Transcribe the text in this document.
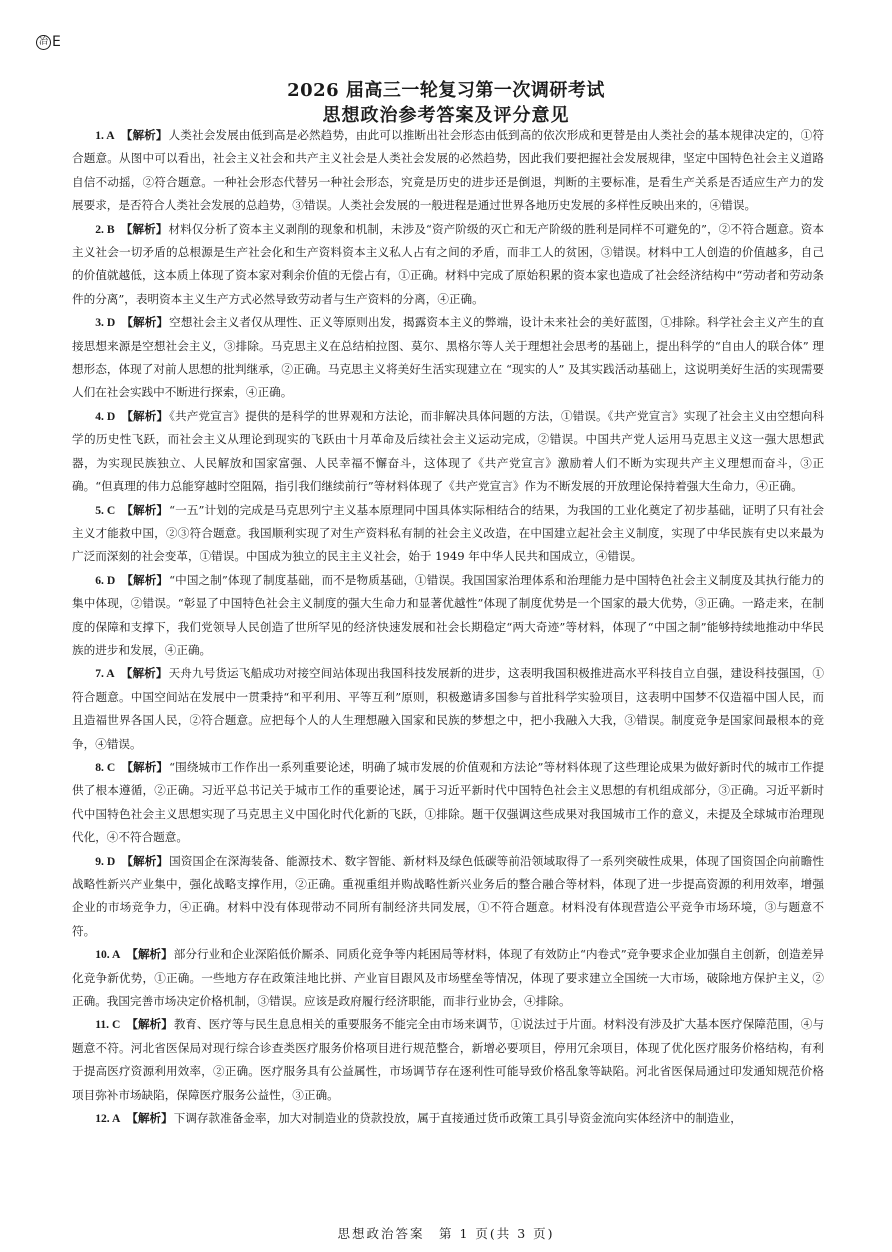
冶 E
2026 届高三一轮复习第一次调研考试
思想政治参考答案及评分意见

1. A 【解析】人类社会发展由低到高是必然趋势，由此可以推断出社会形态由低到高的依次形成和更替是由人类社会的基本规律决定的，①符合题意。从图中可以看出，社会主义社会和共产主义社会是人类社会发展的必然趋势，因此我们要把握社会发展规律，坚定中国特色社会主义道路自信不动摇，②符合题意。一种社会形态代替另一种社会形态，究竟是历史的进步还是倒退，判断的主要标准，是看生产关系是否适应生产力的发展要求，是否符合人类社会发展的总趋势，③错误。人类社会发展的一般进程是通过世界各地历史发展的多样性反映出来的，④错误。

2. B 【解析】材料仅分析了资本主义剥削的现象和机制，未涉及“资产阶级的灭亡和无产阶级的胜利是同样不可避免的”，②不符合题意。资本主义社会一切矛盾的总根源是生产社会化和生产资料资本主义私人占有之间的矛盾，而非工人的贫困，③错误。材料中工人创造的价值越多，自己的价值就越低，这本质上体现了资本家对剩余价值的无偿占有，①正确。材料中完成了原始积累的资本家也造成了社会经济结构中“劳动者和劳动条件的分离”，表明资本主义生产方式必然导致劳动者与生产资料的分离，④正确。

3. D 【解析】空想社会主义者仅从理性、正义等原则出发，揭露资本主义的弊端，设计未来社会的美好蓝图，①排除。科学社会主义产生的直接思想来源是空想社会主义，③排除。马克思主义在总结柏拉图、莫尔、黑格尔等人关于理想社会思考的基础上，提出科学的“自由人的联合体” 理想形态，体现了对前人思想的批判继承，②正确。马克思主义将美好生活实现建立在 “现实的人” 及其实践活动基础上，这说明美好生活的实现需要人们在社会实践中不断进行探索，④正确。

4. D 【解析】《共产党宣言》提供的是科学的世界观和方法论，而非解决具体问题的方法，①错误。《共产党宣言》实现了社会主义由空想向科学的历史性飞跃，而社会主义从理论到现实的飞跃由十月革命及后续社会主义运动完成，②错误。中国共产党人运用马克思主义这一强大思想武器，为实现民族独立、人民解放和国家富强、人民幸福不懈奋斗，这体现了《共产党宣言》激励着人们不断为实现共产主义理想而奋斗，③正确。“但真理的伟力总能穿越时空阻隔，指引我们继续前行”等材料体现了《共产党宣言》作为不断发展的开放理论保持着强大生命力，④正确。

5. C 【解析】“一五”计划的完成是马克思列宁主义基本原理同中国具体实际相结合的结果，为我国的工业化奠定了初步基础，证明了只有社会主义才能救中国，②③符合题意。我国顺利实现了对生产资料私有制的社会主义改造，在中国建立起社会主义制度，实现了中华民族有史以来最为广泛而深刻的社会变革，①错误。中国成为独立的民主主义社会，始于 1949 年中华人民共和国成立，④错误。

6. D 【解析】“中国之制”体现了制度基础，而不是物质基础，①错误。我国国家治理体系和治理能力是中国特色社会主义制度及其执行能力的集中体现，②错误。“彰显了中国特色社会主义制度的强大生命力和显著优越性”体现了制度优势是一个国家的最大优势，③正确。一路走来，在制度的保障和支撑下，我们党领导人民创造了世所罕见的经济快速发展和社会长期稳定“两大奇迹”等材料，体现了“中国之制”能够持续地推动中华民族的进步和发展，④正确。

7. A 【解析】天舟九号货运飞船成功对接空间站体现出我国科技发展新的进步，这表明我国积极推进高水平科技自立自强，建设科技强国，①符合题意。中国空间站在发展中一贯秉持“和平利用、平等互利”原则，积极邀请多国参与首批科学实验项目，这表明中国梦不仅造福中国人民，而且造福世界各国人民，②符合题意。应把每个人的人生理想融入国家和民族的梦想之中，把小我融入大我，③错误。制度竞争是国家间最根本的竞争，④错误。

8. C 【解析】“围绕城市工作作出一系列重要论述，明确了城市发展的价值观和方法论”等材料体现了这些理论成果为做好新时代的城市工作提供了根本遵循，②正确。习近平总书记关于城市工作的重要论述，属于习近平新时代中国特色社会主义思想的有机组成部分，③正确。习近平新时代中国特色社会主义思想实现了马克思主义中国化时代化新的飞跃，①排除。题干仅强调这些成果对我国城市工作的意义，未提及全球城市治理现代化，④不符合题意。

9. D 【解析】国资国企在深海装备、能源技术、数字智能、新材料及绿色低碳等前沿领域取得了一系列突破性成果，体现了国资国企向前瞻性战略性新兴产业集中，强化战略支撑作用，②正确。重视重组并购战略性新兴业务后的整合融合等材料，体现了进一步提高资源的利用效率，增强企业的市场竞争力，④正确。材料中没有体现带动不同所有制经济共同发展，①不符合题意。材料没有体现营造公平竞争市场环境，③与题意不符。

10. A 【解析】部分行业和企业深陷低价厮杀、同质化竞争等内耗困局等材料，体现了有效防止“内卷式”竞争要求企业加强自主创新，创造差异化竞争新优势，①正确。一些地方存在政策洼地比拼、产业盲目跟风及市场壁垒等情况，体现了要求建立全国统一大市场，破除地方保护主义，②正确。我国完善市场决定价格机制，③错误。应该是政府履行经济职能，而非行业协会，④排除。

11. C 【解析】教育、医疗等与民生息息相关的重要服务不能完全由市场来调节，①说法过于片面。材料没有涉及扩大基本医疗保障范围，④与题意不符。河北省医保局对现行综合诊查类医疗服务价格项目进行规范整合，新增必要项目，停用冗余项目，体现了优化医疗服务价格结构，有利于提高医疗资源利用效率，②正确。医疗服务具有公益属性，市场调节存在逐利性可能导致价格乱象等缺陷。河北省医保局通过印发通知规范价格项目弥补市场缺陷，保障医疗服务公益性，③正确。

12. A 【解析】下调存款准备金率，加大对制造业的贷款投放，属于直接通过货币政策工具引导资金流向实体经济中的制造业，

思想政治答案　第 1 页(共 3 页)
